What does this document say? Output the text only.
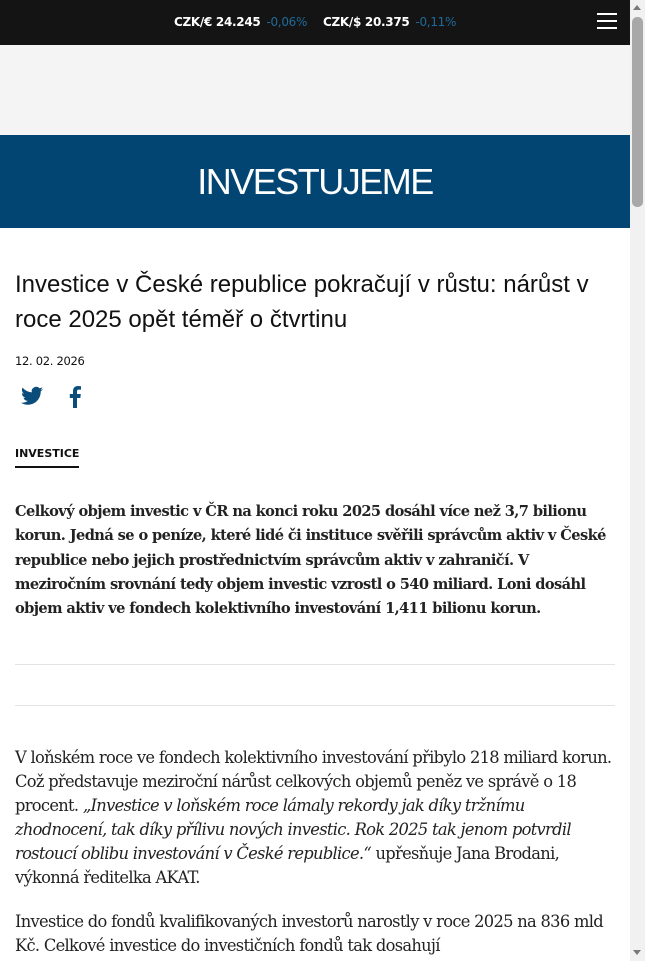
CZK/€ 24.245 -0,06% CZK/$ 20.375 -0,11%
INVESTUJEME
Investice v České republice pokračují v růstu: nárůst v roce 2025 opět téměř o čtvrtinu
12. 02. 2026
INVESTICE
Celkový objem investic v ČR na konci roku 2025 dosáhl více než 3,7 bilionu korun. Jedná se o peníze, které lidé či instituce svěřili správcům aktiv v České republice nebo jejich prostřednictvím správcům aktiv v zahraničí. V meziročním srovnání tedy objem investic vzrostl o 540 miliard. Loni dosáhl objem aktiv ve fondech kolektivního investování 1,411 bilionu korun.

V loňském roce ve fondech kolektivního investování přibylo 218 miliard korun. Což představuje meziroční nárůst celkových objemů peněz ve správě o 18 procent. „Investice v loňském roce lámaly rekordy jak díky tržnímu zhodnocení, tak díky přílivu nových investic. Rok 2025 tak jenom potvrdil rostoucí oblibu investování v České republice.“ upřesňuje Jana Brodani, výkonná ředitelka AKAT.

Investice do fondů kvalifikovaných investorů narostly v roce 2025 na 836 mld Kč. Celkové investice do investičních fondů tak dosahují
